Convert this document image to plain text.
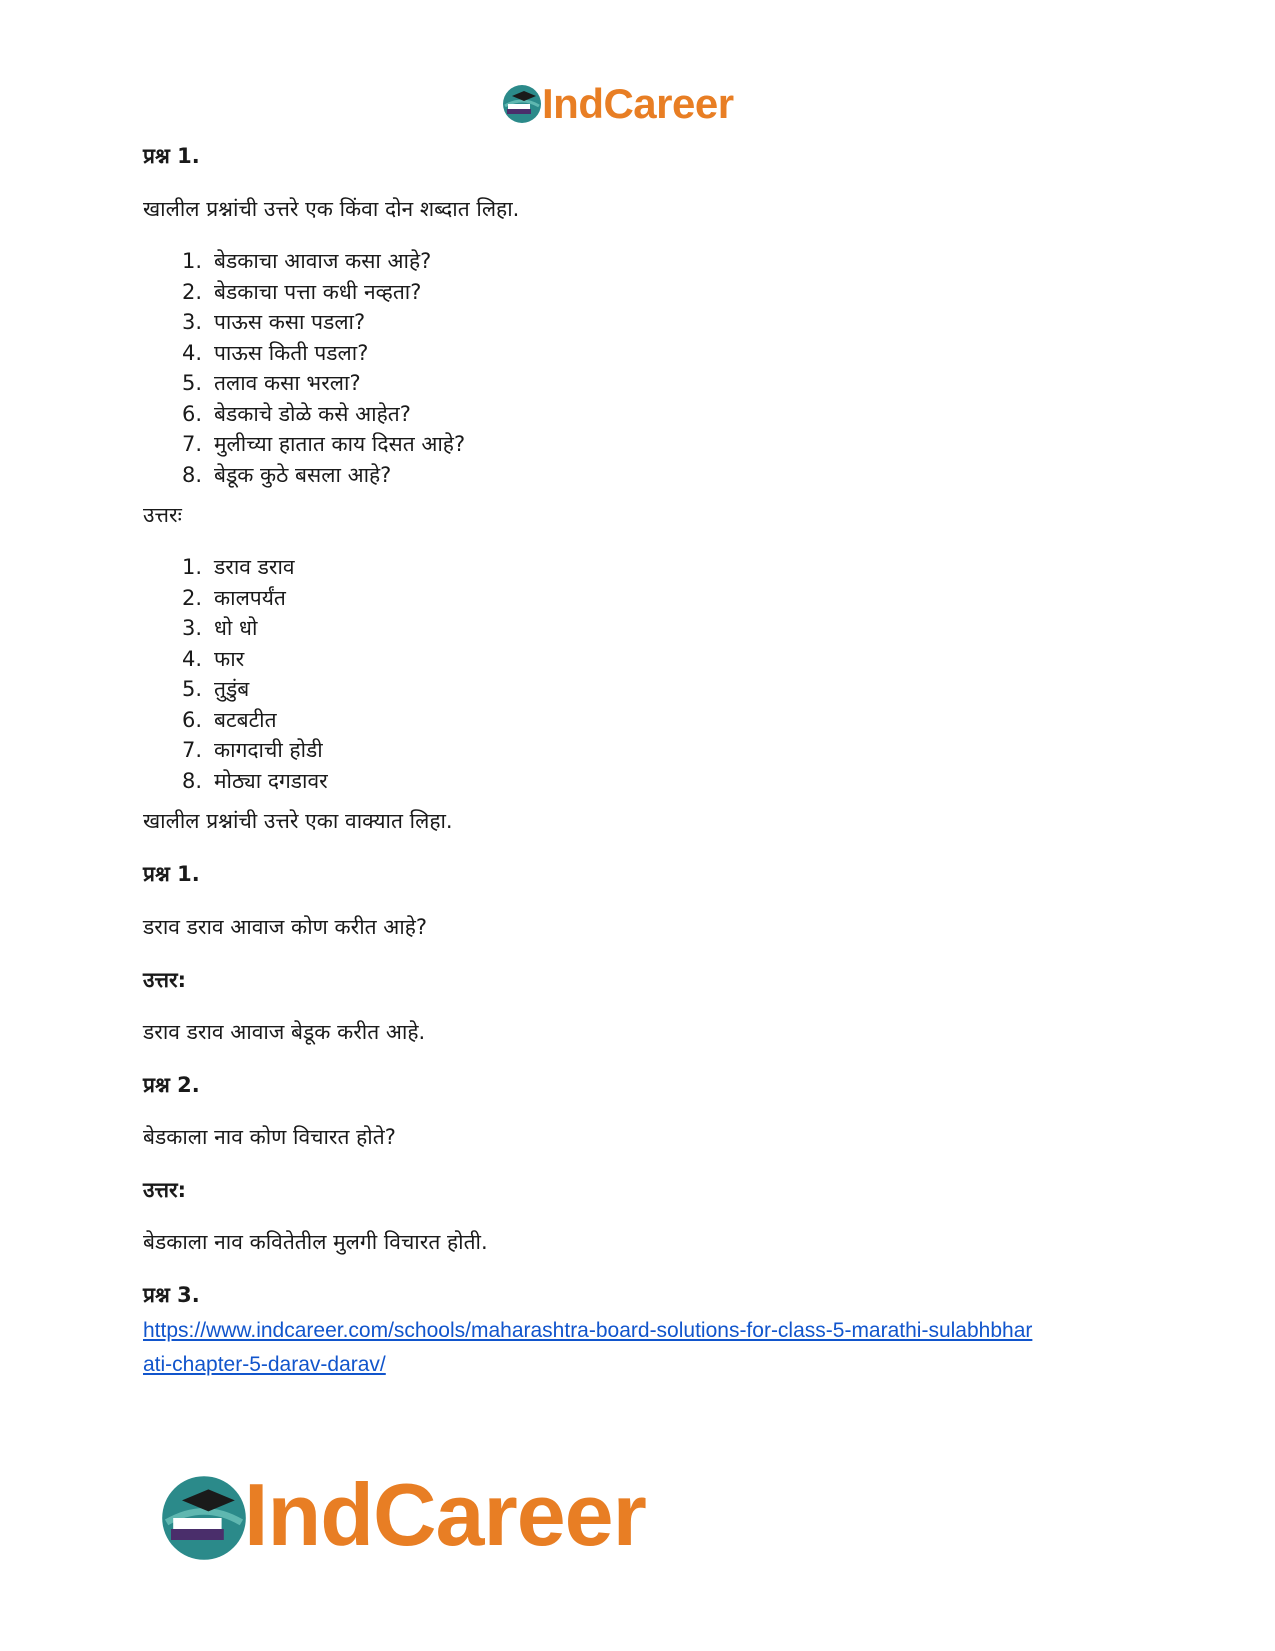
IndCareer
प्रश्न 1.
खालील प्रश्नांची उत्तरे एक किंवा दोन शब्दात लिहा.
1. बेडकाचा आवाज कसा आहे?
2. बेडकाचा पत्ता कधी नव्हता?
3. पाऊस कसा पडला?
4. पाऊस किती पडला?
5. तलाव कसा भरला?
6. बेडकाचे डोळे कसे आहेत?
7. मुलीच्या हातात काय दिसत आहे?
8. बेडूक कुठे बसला आहे?
उत्तरः
1. डराव डराव
2. कालपर्यंत
3. धो धो
4. फार
5. तुडुंब
6. बटबटीत
7. कागदाची होडी
8. मोठ्या दगडावर
खालील प्रश्नांची उत्तरे एका वाक्यात लिहा.
प्रश्न 1.
डराव डराव आवाज कोण करीत आहे?
उत्तर:
डराव डराव आवाज बेडूक करीत आहे.
प्रश्न 2.
बेडकाला नाव कोण विचारत होते?
उत्तर:
बेडकाला नाव कवितेतील मुलगी विचारत होती.
प्रश्न 3.
https://www.indcareer.com/schools/maharashtra-board-solutions-for-class-5-marathi-sulabhbhar
ati-chapter-5-darav-darav/
IndCareer
